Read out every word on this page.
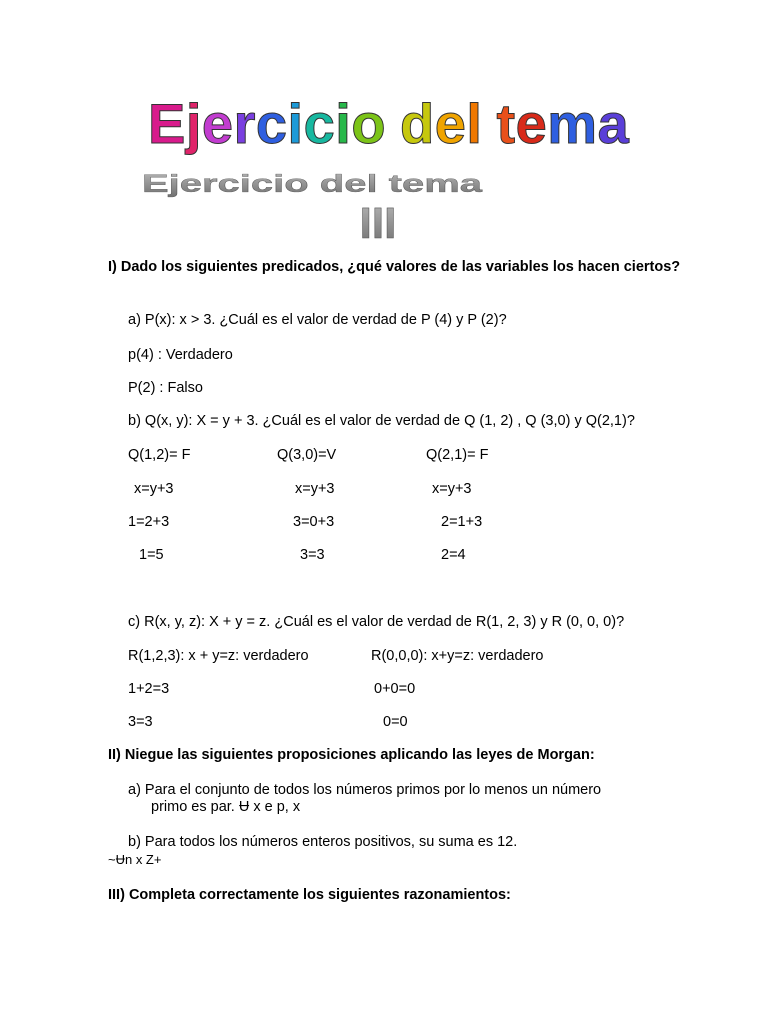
Ejercicio del tema
Ejercicio del tema
III
I) Dado los siguientes predicados, ¿qué valores de las variables los hacen ciertos?
a) P(x): x > 3. ¿Cuál es el valor de verdad de P (4) y P (2)?
p(4) : Verdadero
P(2) : Falso
b) Q(x, y): X = y + 3. ¿Cuál es el valor de verdad de Q (1, 2) , Q (3,0) y Q(2,1)?
Q(1,2)= F	Q(3,0)=V	Q(2,1)= F
x=y+3	x=y+3	x=y+3
1=2+3	3=0+3	2=1+3
1=5	3=3	2=4
c) R(x, y, z): X + y = z. ¿Cuál es el valor de verdad de R(1, 2, 3) y R (0, 0, 0)?
R(1,2,3): x + y=z: verdadero	R(0,0,0): x+y=z: verdadero
1+2=3	0+0=0
3=3	0=0
II) Niegue las siguientes proposiciones aplicando las leyes de Morgan:
a) Para el conjunto de todos los números primos por lo menos un número
primo es par. Ʉ x e p, x
b) Para todos los números enteros positivos, su suma es 12.
~Ʉn x Z+
III) Completa correctamente los siguientes razonamientos:
